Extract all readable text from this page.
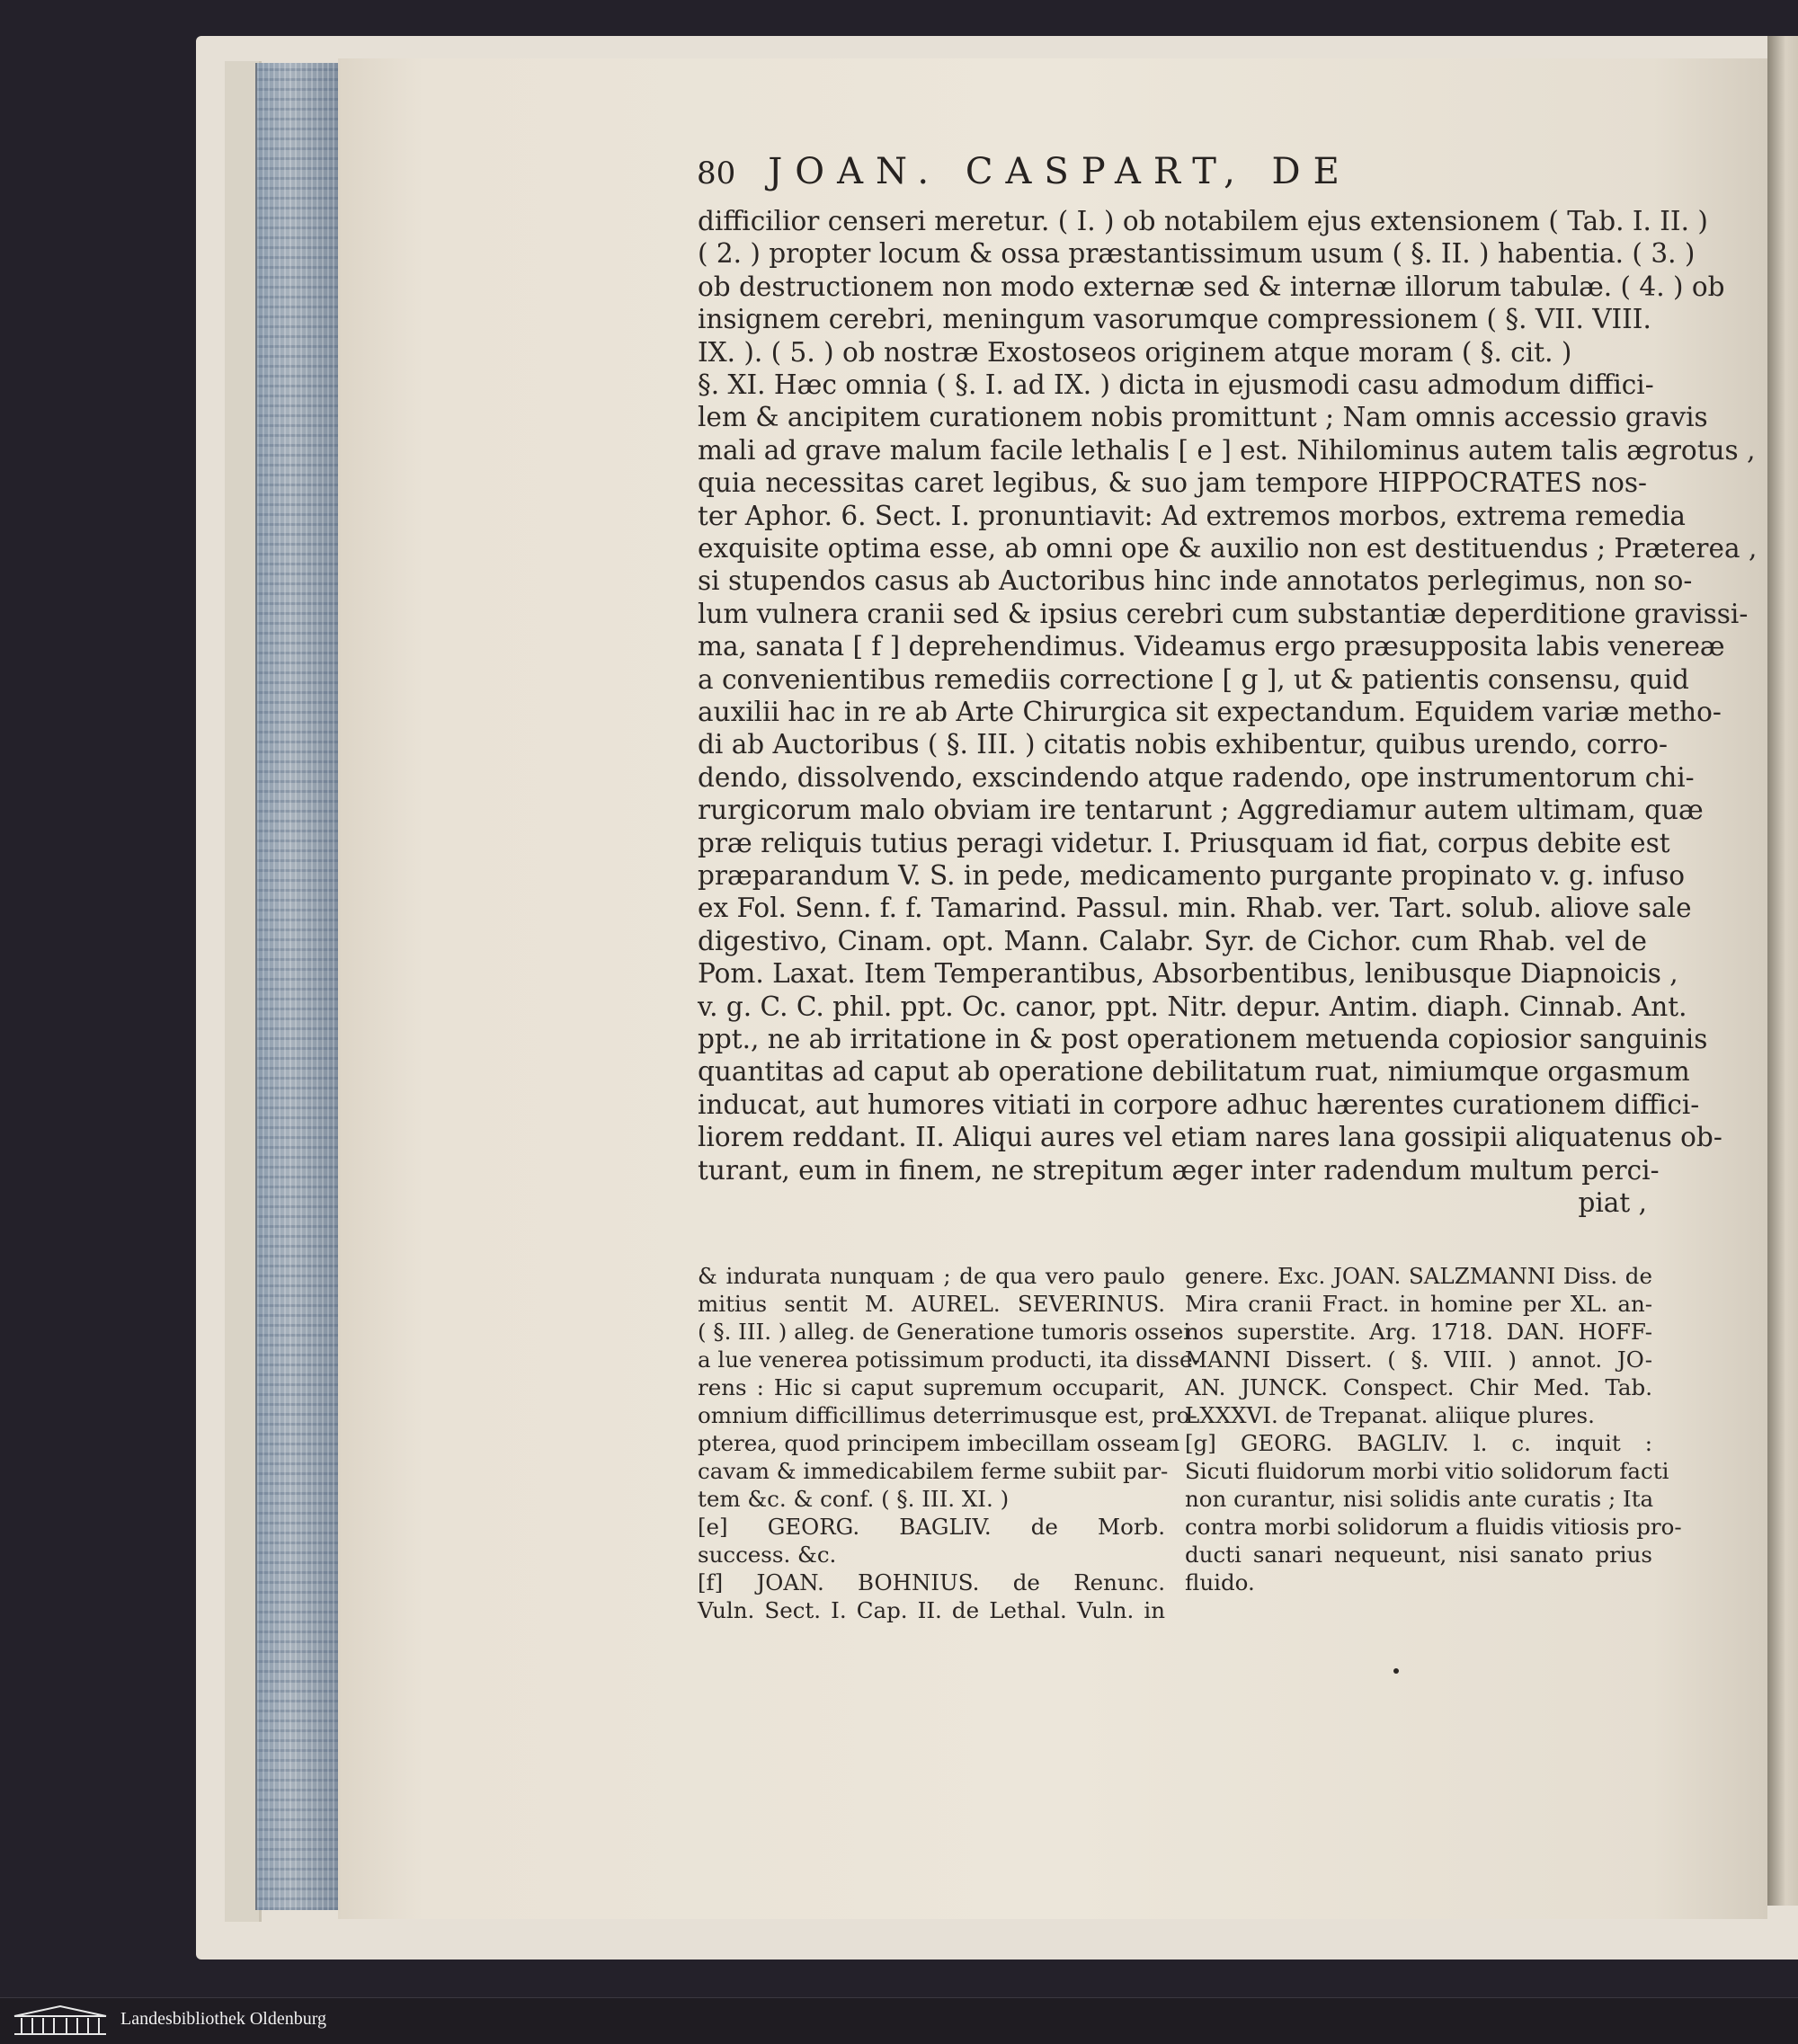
80 JOAN. CASPART, DE
difficilior censeri meretur. ( I. ) ob notabilem ejus extensionem ( Tab. I. II. )
( 2. ) propter locum & ossa præstantissimum usum ( §. II. ) habentia. ( 3. )
ob destructionem non modo externæ sed & internæ illorum tabulæ. ( 4. ) ob
insignem cerebri, meningum vasorumque compressionem ( §. VII. VIII.
IX. ). ( 5. ) ob nostræ Exostoseos originem atque moram ( §. cit. )
§. XI. Hæc omnia ( §. I. ad IX. ) dicta in ejusmodi casu admodum diffici-
lem & ancipitem curationem nobis promittunt ; Nam omnis accessio gravis
mali ad grave malum facile lethalis [ e ] est. Nihilominus autem talis ægrotus ,
quia necessitas caret legibus, & suo jam tempore HIPPOCRATES nos-
ter Aphor. 6. Sect. I. pronuntiavit: Ad extremos morbos, extrema remedia
exquisite optima esse, ab omni ope & auxilio non est destituendus ; Præterea ,
si stupendos casus ab Auctoribus hinc inde annotatos perlegimus, non so-
lum vulnera cranii sed & ipsius cerebri cum substantiæ deperditione gravissi-
ma, sanata [ f ] deprehendimus. Videamus ergo præsupposita labis venereæ
a convenientibus remediis correctione [ g ], ut & patientis consensu, quid
auxilii hac in re ab Arte Chirurgica sit expectandum. Equidem variæ metho-
di ab Auctoribus ( §. III. ) citatis nobis exhibentur, quibus urendo, corro-
dendo, dissolvendo, exscindendo atque radendo, ope instrumentorum chi-
rurgicorum malo obviam ire tentarunt ; Aggrediamur autem ultimam, quæ
præ reliquis tutius peragi videtur. I. Priusquam id fiat, corpus debite est
præparandum V. S. in pede, medicamento purgante propinato v. g. infuso
ex Fol. Senn. f. f. Tamarind. Passul. min. Rhab. ver. Tart. solub. aliove sale
digestivo, Cinam. opt. Mann. Calabr. Syr. de Cichor. cum Rhab. vel de
Pom. Laxat. Item Temperantibus, Absorbentibus, lenibusque Diapnoicis ,
v. g. C. C. phil. ppt. Oc. canor, ppt. Nitr. depur. Antim. diaph. Cinnab. Ant.
ppt., ne ab irritatione in & post operationem metuenda copiosior sanguinis
quantitas ad caput ab operatione debilitatum ruat, nimiumque orgasmum
inducat, aut humores vitiati in corpore adhuc hærentes curationem diffici-
liorem reddant. II. Aliqui aures vel etiam nares lana gossipii aliquatenus ob-
turant, eum in finem, ne strepitum æger inter radendum multum perci-
piat ,
& indurata nunquam ; de qua vero paulo
mitius sentit M. AUREL. SEVERINUS.
( §. III. ) alleg. de Generatione tumoris ossei
a lue venerea potissimum producti, ita disse-
rens : Hic si caput supremum occuparit,
omnium difficillimus deterrimusque est, pro-
pterea, quod principem imbecillam osseam
cavam & immedicabilem ferme subiit par-
tem &c. & conf. ( §. III. XI. )
[e] GEORG. BAGLIV. de Morb.
success. &c.
[f] JOAN. BOHNIUS. de Renunc.
Vuln. Sect. I. Cap. II. de Lethal. Vuln. in
genere. Exc. JOAN. SALZMANNI Diss. de
Mira cranii Fract. in homine per XL. an-
nos superstite. Arg. 1718. DAN. HOFF-
MANNI Dissert. ( §. VIII. ) annot. JO-
AN. JUNCK. Conspect. Chir Med. Tab.
LXXXVI. de Trepanat. aliique plures.
[g] GEORG. BAGLIV. l. c. inquit :
Sicuti fluidorum morbi vitio solidorum facti
non curantur, nisi solidis ante curatis ; Ita
contra morbi solidorum a fluidis vitiosis pro-
ducti sanari nequeunt, nisi sanato prius
fluido.
Landesbibliothek Oldenburg
